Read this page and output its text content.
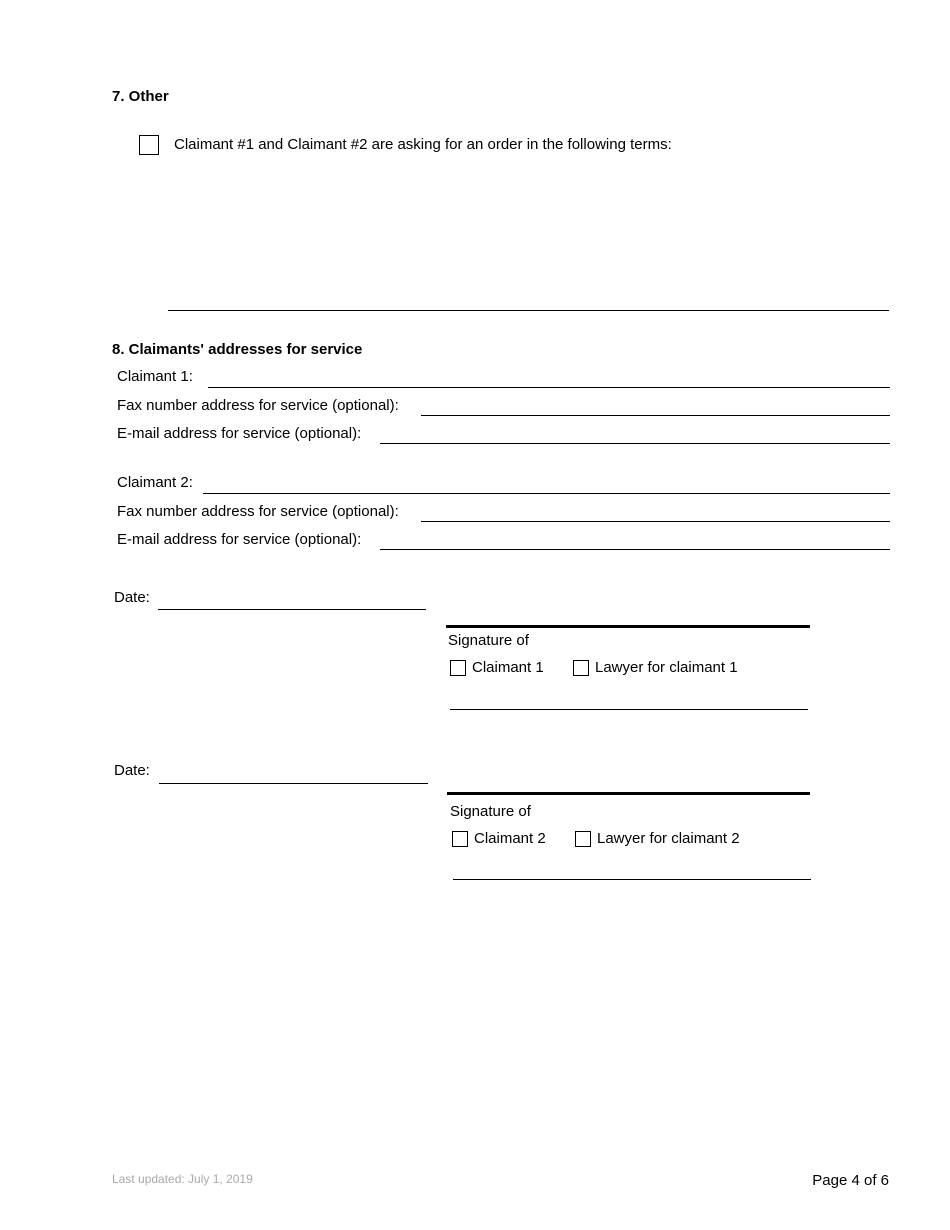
7. Other
Claimant #1 and Claimant #2 are asking for an order in the following terms:
8. Claimants' addresses for service
Claimant 1:
Fax number address for service (optional):
E-mail address for service (optional):
Claimant 2:
Fax number address for service (optional):
E-mail address for service (optional):
Date:
Signature of
Claimant 1	Lawyer for claimant 1
Date:
Signature of
Claimant 2	Lawyer for claimant 2
Last updated: July 1, 2019	Page 4 of 6
